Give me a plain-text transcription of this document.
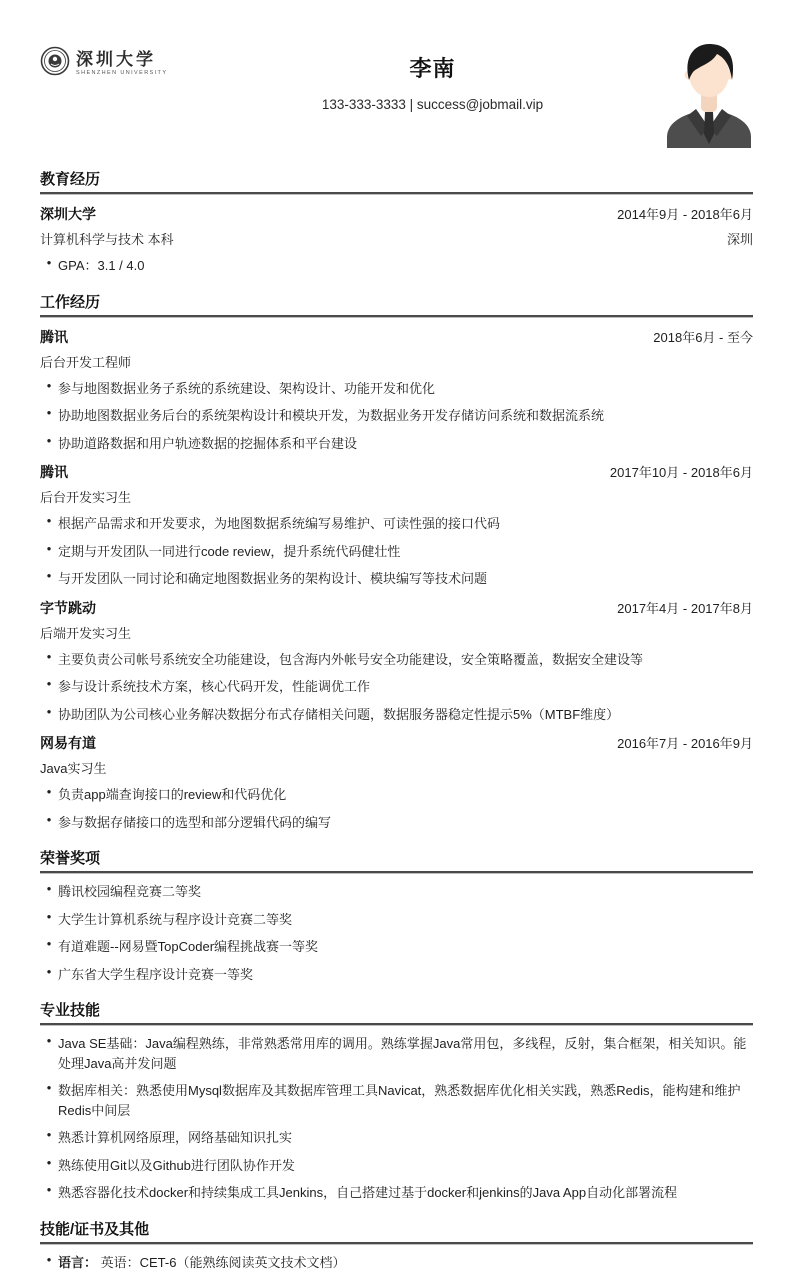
深圳大学
SHENZHEN UNIVERSITY	李南
133-333-3333 | success@jobmail.vip
教育经历
深圳大学	2014年9月 - 2018年6月
计算机科学与技术 本科	深圳
● GPA：3.1 / 4.0
工作经历
腾讯	2018年6月 - 至今
后台开发工程师
● 参与地图数据业务子系统的系统建设、架构设计、功能开发和优化
● 协助地图数据业务后台的系统架构设计和模块开发，为数据业务开发存储访问系统和数据流系统
● 协助道路数据和用户轨迹数据的挖掘体系和平台建设
腾讯	2017年10月 - 2018年6月
后台开发实习生
● 根据产品需求和开发要求，为地图数据系统编写易维护、可读性强的接口代码
● 定期与开发团队一同进行code review，提升系统代码健壮性
● 与开发团队一同讨论和确定地图数据业务的架构设计、模块编写等技术问题
字节跳动	2017年4月 - 2017年8月
后端开发实习生
● 主要负责公司帐号系统安全功能建设，包含海内外帐号安全功能建设，安全策略覆盖，数据安全建设等
● 参与设计系统技术方案，核心代码开发，性能调优工作
● 协助团队为公司核心业务解决数据分布式存储相关问题，数据服务器稳定性提示5%（MTBF维度）
网易有道	2016年7月 - 2016年9月
Java实习生
● 负责app端查询接口的review和代码优化
● 参与数据存储接口的选型和部分逻辑代码的编写
荣誉奖项
● 腾讯校园编程竞赛二等奖
● 大学生计算机系统与程序设计竞赛二等奖
● 有道难题--网易暨TopCoder编程挑战赛一等奖
● 广东省大学生程序设计竞赛一等奖
专业技能
● Java SE基础：Java编程熟练，非常熟悉常用库的调用。熟练掌握Java常用包，多线程，反射，集合框架，相关知识。能处理Java高并发问题
● 数据库相关：熟悉使用Mysql数据库及其数据库管理工具Navicat，熟悉数据库优化相关实践，熟悉Redis，能构建和维护Redis中间层
● 熟悉计算机网络原理，网络基础知识扎实
● 熟练使用Git以及Github进行团队协作开发
● 熟悉容器化技术docker和持续集成工具Jenkins，自己搭建过基于docker和jenkins的Java App自动化部署流程
技能/证书及其他
● 语言： 英语：CET-6（能熟练阅读英文技术文档）
